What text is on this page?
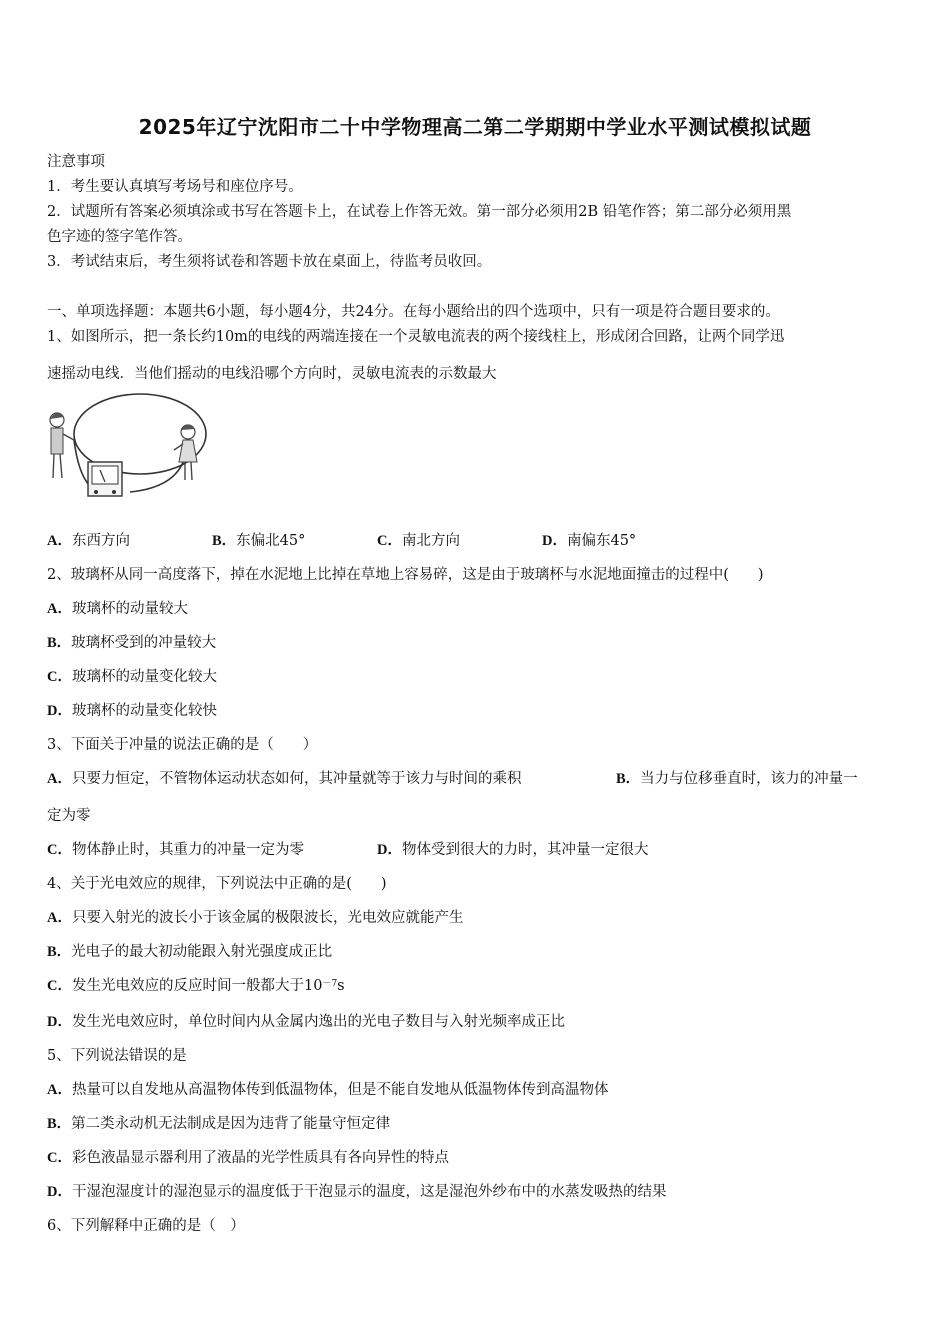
2025年辽宁沈阳市二十中学物理高二第二学期期中学业水平测试模拟试题
注意事项
1．考生要认真填写考场号和座位序号。
2．试题所有答案必须填涂或书写在答题卡上，在试卷上作答无效。第一部分必须用2B 铅笔作答；第二部分必须用黑
色字迹的签字笔作答。
3．考试结束后，考生须将试卷和答题卡放在桌面上，待监考员收回。
一、单项选择题：本题共6小题，每小题4分，共24分。在每小题给出的四个选项中，只有一项是符合题目要求的。
1、如图所示，把一条长约10m的电线的两端连接在一个灵敏电流表的两个接线柱上，形成闭合回路，让两个同学迅
速摇动电线．当他们摇动的电线沿哪个方向时，灵敏电流表的示数最大
A．东西方向	B．东偏北45°	C．南北方向	D．南偏东45°
2、玻璃杯从同一高度落下，掉在水泥地上比掉在草地上容易碎，这是由于玻璃杯与水泥地面撞击的过程中(　　)
A．玻璃杯的动量较大
B．玻璃杯受到的冲量较大
C．玻璃杯的动量变化较大
D．玻璃杯的动量变化较快
3、下面关于冲量的说法正确的是（　　）
A．只要力恒定，不管物体运动状态如何，其冲量就等于该力与时间的乘积	B．当力与位移垂直时，该力的冲量一
定为零
C．物体静止时，其重力的冲量一定为零	D．物体受到很大的力时，其冲量一定很大
4、关于光电效应的规律，下列说法中正确的是(　　)
A．只要入射光的波长小于该金属的极限波长，光电效应就能产生
B．光电子的最大初动能跟入射光强度成正比
C．发生光电效应的反应时间一般都大于$10^{-7}s$
D．发生光电效应时，单位时间内从金属内逸出的光电子数目与入射光频率成正比
5、下列说法错误的是
A．热量可以自发地从高温物体传到低温物体，但是不能自发地从低温物体传到高温物体
B．第二类永动机无法制成是因为违背了能量守恒定律
C．彩色液晶显示器利用了液晶的光学性质具有各向异性的特点
D．干湿泡湿度计的湿泡显示的温度低于干泡显示的温度，这是湿泡外纱布中的水蒸发吸热的结果
6、下列解释中正确的是（　）
